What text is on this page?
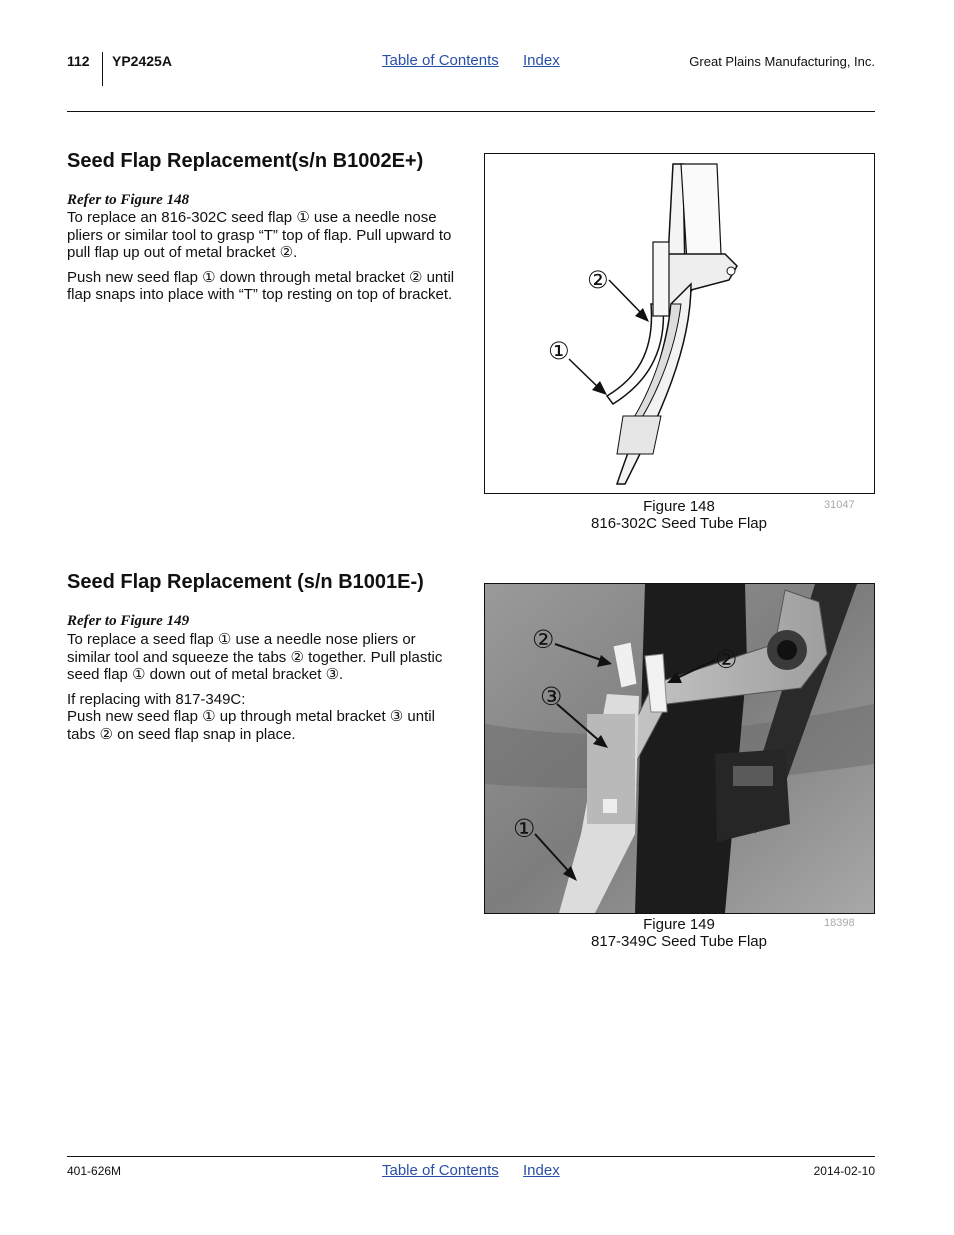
112 YP2425A	Table of Contents Index	Great Plains Manufacturing, Inc.
Seed Flap Replacement(s/n B1002E+)
Refer to Figure 148

To replace an 816-302C seed flap ① use a needle nose pliers or similar tool to grasp “T” top of flap. Pull upward to pull flap up out of metal bracket ②.

Push new seed flap ① down through metal bracket ② until flap snaps into place with “T” top resting on top of bracket.

②
①
Figure 148
816-302C Seed Tube Flap
31047
Seed Flap Replacement (s/n B1001E-)
Refer to Figure 149

To replace a seed flap ① use a needle nose pliers or similar tool and squeeze the tabs ② together. Pull plastic seed flap ① down out of metal bracket ③.

If replacing with 817-349C:

Push new seed flap ① up through metal bracket ③ until tabs ② on seed flap snap in place.

②
②
③
①
Figure 149
817-349C Seed Tube Flap
18398
401-626M	Table of Contents Index	2014-02-10
